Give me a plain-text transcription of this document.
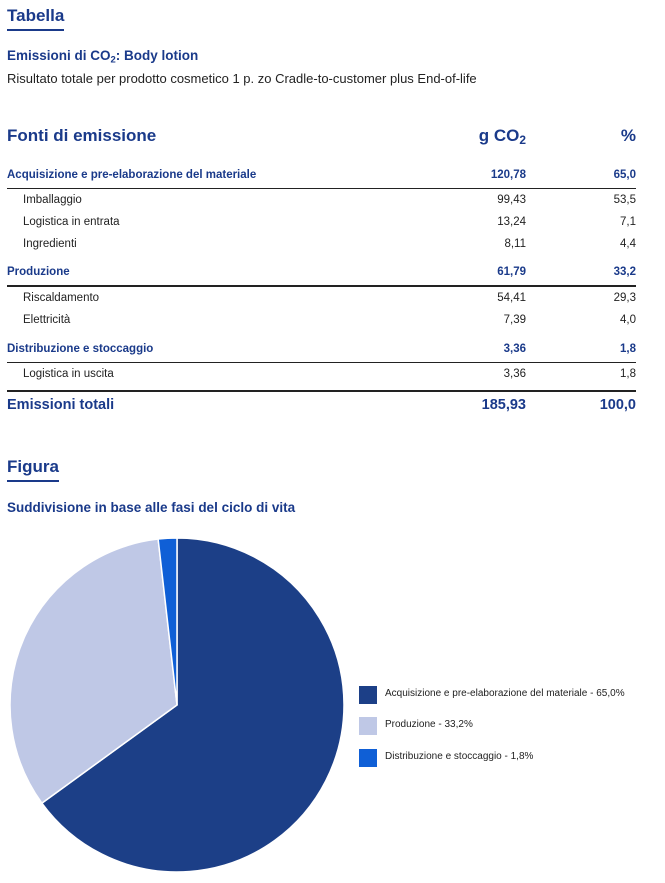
Tabella
Emissioni di $CO_2$: Body lotion
Risultato totale per prodotto cosmetico 1 p. zo Cradle-to-customer plus End-of-life
Fonti di emissione	g $CO_2$	%
Acquisizione e pre-elaborazione del materiale	120,78	65,0
Imballaggio	99,43	53,5
Logistica in entrata	13,24	7,1
Ingredienti	8,11	4,4
Produzione	61,79	33,2
Riscaldamento	54,41	29,3
Elettricità	7,39	4,0
Distribuzione e stoccaggio	3,36	1,8
Logistica in uscita	3,36	1,8
Emissioni totali	185,93	100,0
Figura
Suddivisione in base alle fasi del ciclo di vita
Acquisizione e pre-elaborazione del materiale - 65,0%
Produzione - 33,2%
Distribuzione e stoccaggio - 1,8%
